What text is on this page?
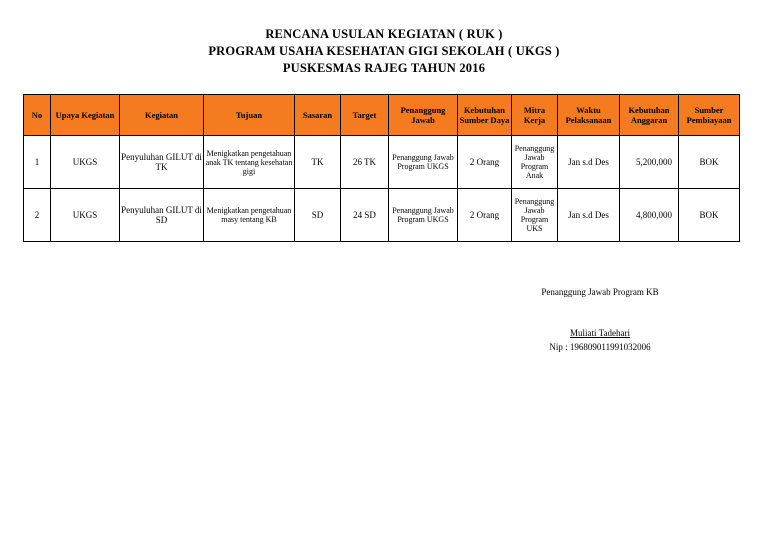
RENCANA USULAN KEGIATAN ( RUK )
PROGRAM USAHA KESEHATAN GIGI SEKOLAH ( UKGS )
PUSKESMAS RAJEG TAHUN 2016
No	Upaya Kegiatan	Kegiatan	Tujuan	Sasaran	Target	Penanggung Jawab	Kebutuhan Sumber Daya	Mitra Kerja	Waktu Pelaksanaan	Kebutuhan Anggaran	Sumber Pembiayaan
1	UKGS	Penyuluhan GILUT di TK	Menigkatkan pengetahuan anak TK tentang kesehatan gigi	TK	26 TK	Penanggung Jawab Program UKGS	2 Orang	Penanggung Jawab Program Anak	Jan s.d Des	5,200,000	BOK
2	UKGS	Penyuluhan GILUT di SD	Menigkatkan pengetahuan masy tentang KB	SD	24 SD	Penanggung Jawab Program UKGS	2 Orang	Penanggung Jawab Program UKS	Jan s.d Des	4,800,000	BOK
Penanggung Jawab Program KB
Muliati Tadehari
Nip : 196809011991032006
